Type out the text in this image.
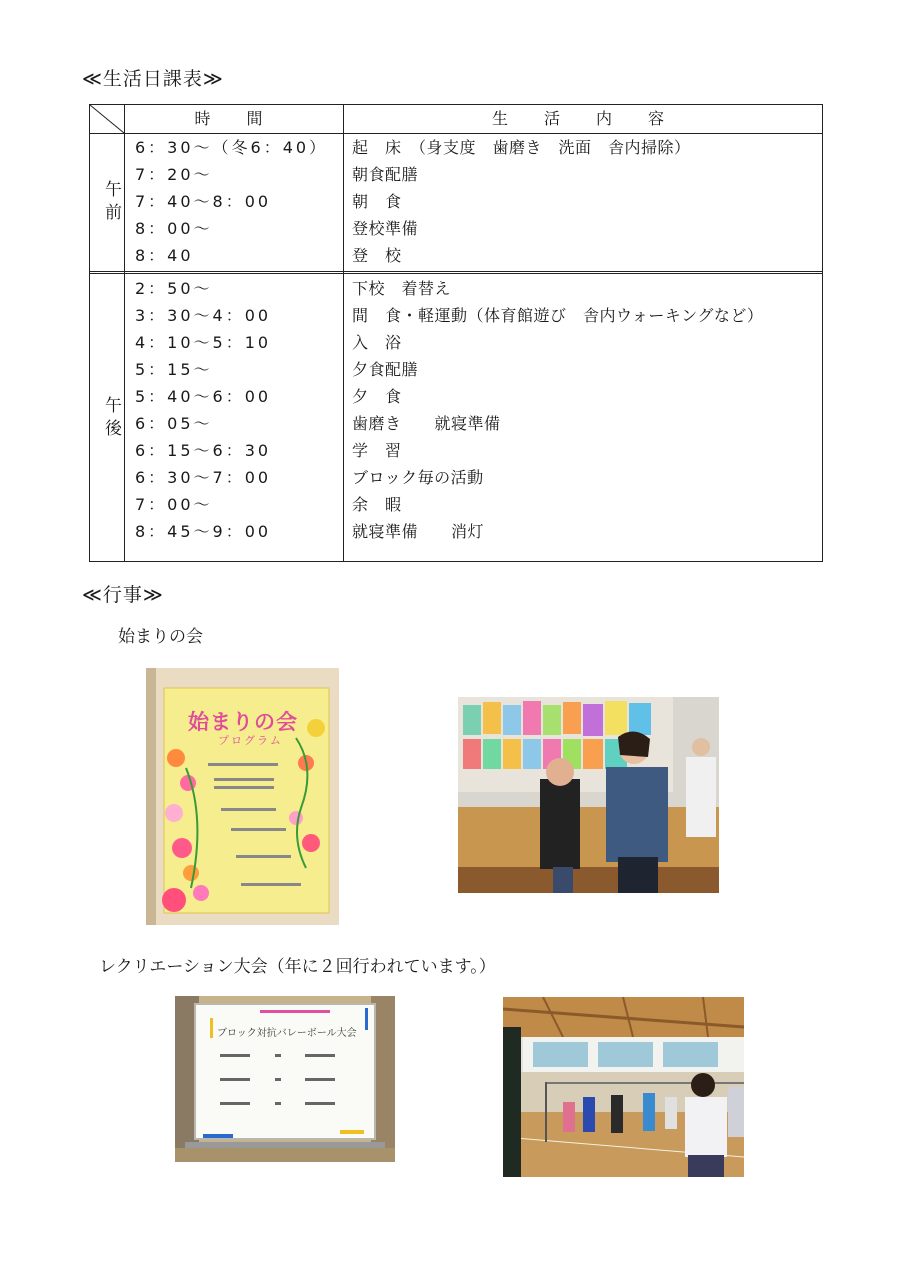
≪生活日課表≫
時　間	生　活　内　容
午前
午後
6：30～（冬6：40） 起　床　（身支度　歯磨き　洗面　舎内掃除）
7：20～	朝食配膳
7：40～8：00	朝　食
8：00～	登校準備
8：40	登　校
2：50～	下校　着替え
3：30～4：00	間　食・軽運動（体育館遊び　舎内ウォーキングなど）
4：10～5：10	入　浴
5：15～	夕食配膳
5：40～6：00	夕　食
6：05～	歯磨き　　就寝準備
6：15～6：30	学　習
6：30～7：00	ブロック毎の活動
7：00～	余　暇
8：45～9：00	就寝準備　　消灯
≪行事≫
始まりの会
始まりの会
プログラム
レクリエーション大会（年に２回行われています。）
ブロック対抗バレーボール大会
